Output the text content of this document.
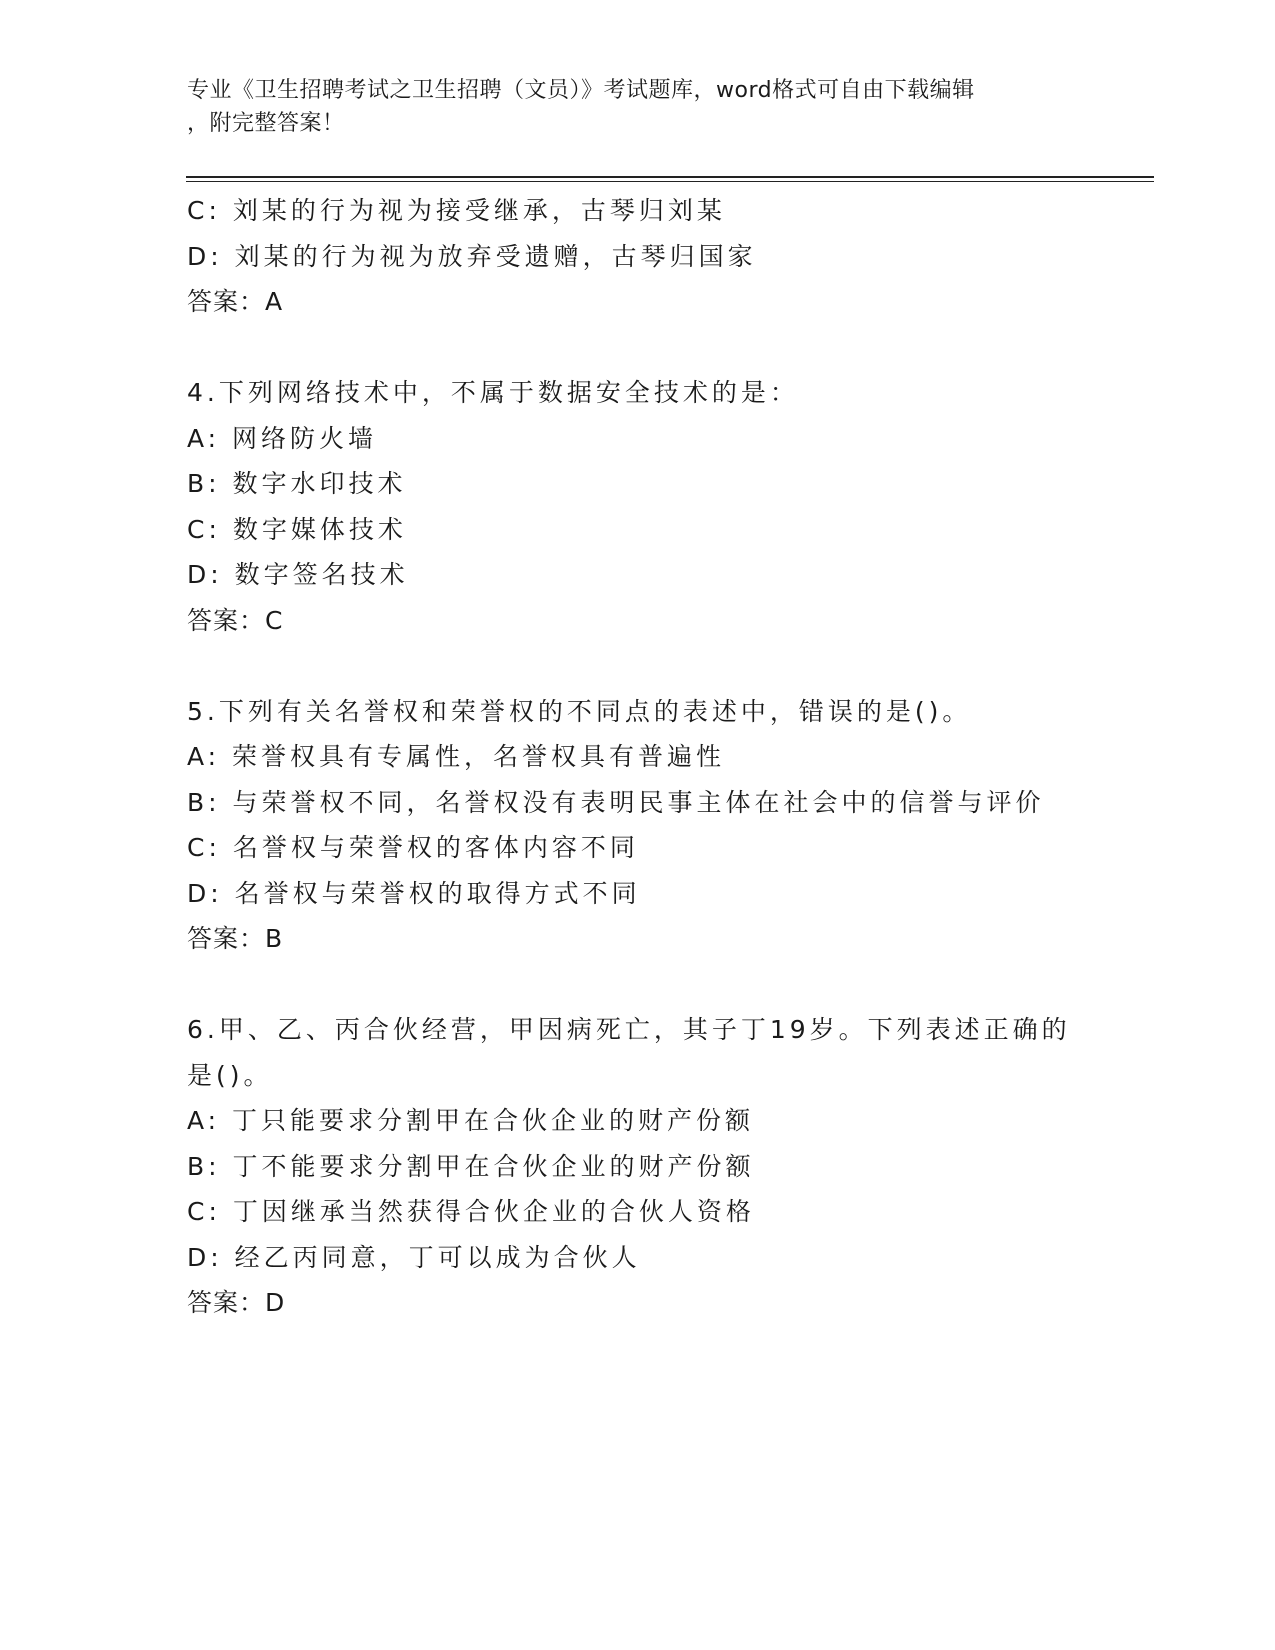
专业《卫生招聘考试之卫生招聘（文员）》考试题库，word格式可自由下载编辑
，附完整答案！
C: 刘某的行为视为接受继承，古琴归刘某
D: 刘某的行为视为放弃受遗赠，古琴归国家
答案：A
4.下列网络技术中，不属于数据安全技术的是：
A: 网络防火墙
B: 数字水印技术
C: 数字媒体技术
D: 数字签名技术
答案：C
5.下列有关名誉权和荣誉权的不同点的表述中，错误的是()。
A: 荣誉权具有专属性，名誉权具有普遍性
B: 与荣誉权不同，名誉权没有表明民事主体在社会中的信誉与评价
C: 名誉权与荣誉权的客体内容不同
D: 名誉权与荣誉权的取得方式不同
答案：B
6.甲、乙、丙合伙经营，甲因病死亡，其子丁19岁。下列表述正确的
是()。
A: 丁只能要求分割甲在合伙企业的财产份额
B: 丁不能要求分割甲在合伙企业的财产份额
C: 丁因继承当然获得合伙企业的合伙人资格
D: 经乙丙同意，丁可以成为合伙人
答案：D
